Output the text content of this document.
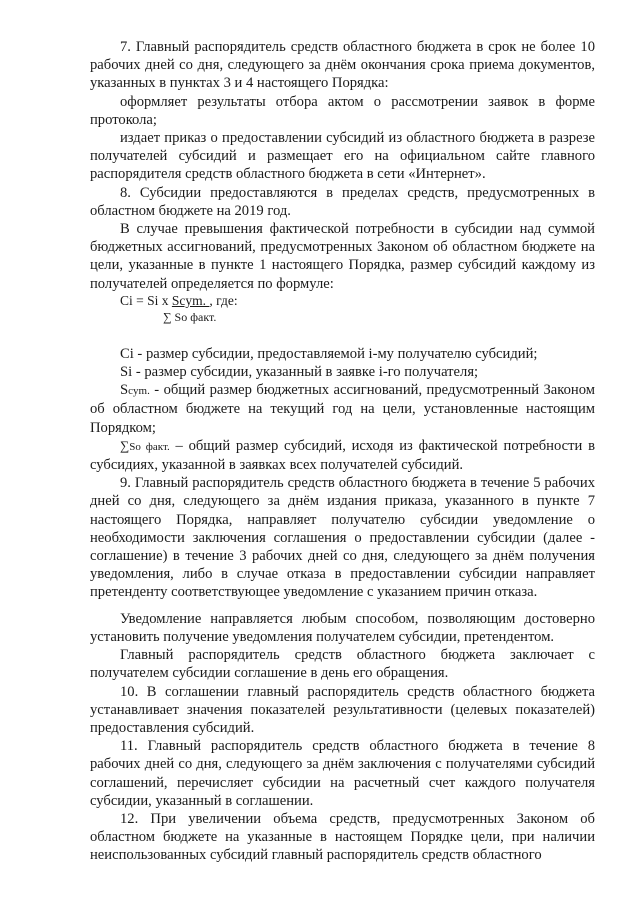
7. Главный распорядитель средств областного бюджета в срок не более 10 рабочих дней со дня, следующего за днём окончания срока приема документов, указанных в пунктах 3 и 4 настоящего Порядка:

оформляет результаты отбора актом о рассмотрении заявок в форме протокола;

издает приказ о предоставлении субсидий из областного бюджета в разрезе получателей субсидий и размещает его на официальном сайте главного распорядителя средств областного бюджета в сети «Интернет».

8. Субсидии предоставляются в пределах средств, предусмотренных в областном бюджете на 2019 год.

В случае превышения фактической потребности в субсидии над суммой бюджетных ассигнований, предусмотренных Законом об областном бюджете на цели, указанные в пункте 1 настоящего Порядка, размер субсидий каждому из получателей определяется по формуле:

Ci = Si x Scym. , где:
∑ So факт.

Ci - размер субсидии, предоставляемой i-му получателю субсидий;

Si - размер субсидии, указанный в заявке i-го получателя;

Scym. - общий размер бюджетных ассигнований, предусмотренный Законом об областном бюджете на текущий год на цели, установленные настоящим Порядком;

∑So факт. – общий размер субсидий, исходя из фактической потребности в субсидиях, указанной в заявках всех получателей субсидий.

9. Главный распорядитель средств областного бюджета в течение 5 рабочих дней со дня, следующего за днём издания приказа, указанного в пункте 7 настоящего Порядка, направляет получателю субсидии уведомление о необходимости заключения соглашения о предоставлении субсидии (далее - соглашение) в течение 3 рабочих дней со дня, следующего за днём получения уведомления, либо в случае отказа в предоставлении субсидии направляет претенденту соответствующее уведомление с указанием причин отказа.

Уведомление направляется любым способом, позволяющим достоверно установить получение уведомления получателем субсидии, претендентом.

Главный распорядитель средств областного бюджета заключает с получателем субсидии соглашение в день его обращения.

10. В соглашении главный распорядитель средств областного бюджета устанавливает значения показателей результативности (целевых показателей) предоставления субсидий.

11. Главный распорядитель средств областного бюджета в течение 8 рабочих дней со дня, следующего за днём заключения с получателями субсидий соглашений, перечисляет субсидии на расчетный счет каждого получателя субсидии, указанный в соглашении.

12. При увеличении объема средств, предусмотренных Законом об областном бюджете на указанные в настоящем Порядке цели, при наличии неиспользованных субсидий главный распорядитель средств областного
